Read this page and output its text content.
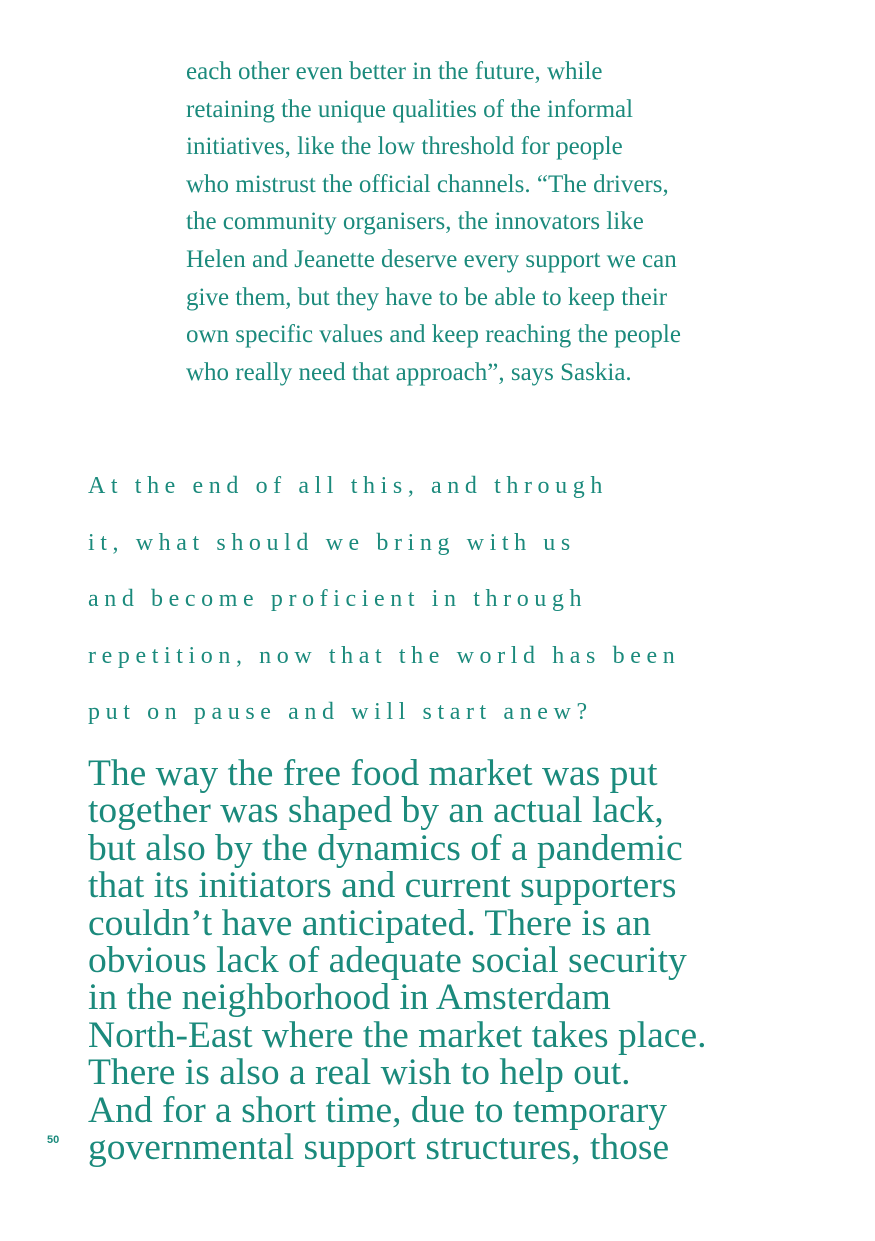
each other even better in the future, while
retaining the unique qualities of the informal
initiatives, like the low threshold for people
who mistrust the official channels. “The drivers,
the community organisers, the innovators like
Helen and Jeanette deserve every support we can
give them, but they have to be able to keep their
own specific values and keep reaching the people
who really need that approach”, says Saskia.

At the end of all this, and through
it, what should we bring with us
and become proficient in through
repetition, now that the world has been
put on pause and will start anew?

The way the free food market was put
together was shaped by an actual lack,
but also by the dynamics of a pandemic
that its initiators and current supporters
couldn’t have anticipated. There is an
obvious lack of adequate social security
in the neighborhood in Amsterdam
North-East where the market takes place.
There is also a real wish to help out.
And for a short time, due to temporary
governmental support structures, those

50
